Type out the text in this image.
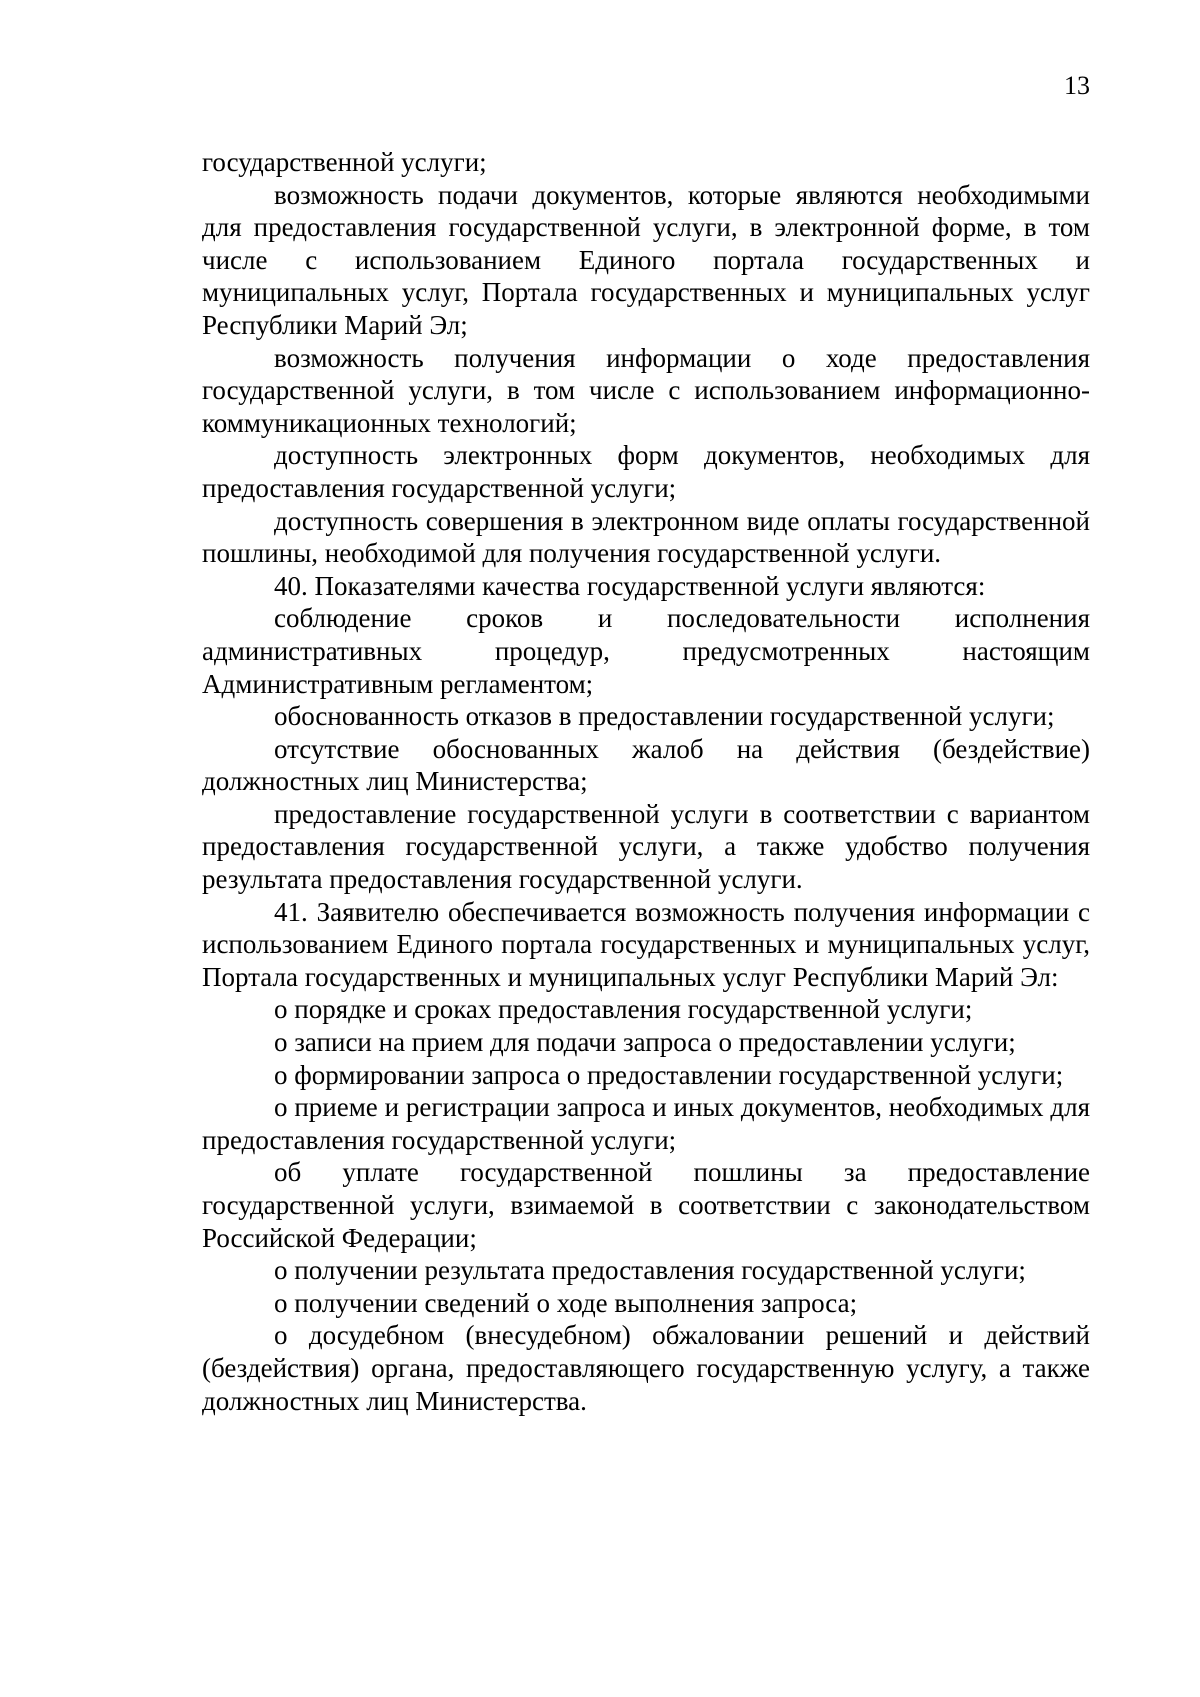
13

государственной услуги;

возможность подачи документов, которые являются необходимыми для предоставления государственной услуги, в электронной форме, в том числе с использованием Единого портала государственных и муниципальных услуг, Портала государственных и муниципальных услуг Республики Марий Эл;

возможность получения информации о ходе предоставления государственной услуги, в том числе с использованием информационно-коммуникационных технологий;

доступность электронных форм документов, необходимых для предоставления государственной услуги;

доступность совершения в электронном виде оплаты государственной пошлины, необходимой для получения государственной услуги.

40. Показателями качества государственной услуги являются:

соблюдение сроков и последовательности исполнения административных процедур, предусмотренных настоящим Административным регламентом;

обоснованность отказов в предоставлении государственной услуги;

отсутствие обоснованных жалоб на действия (бездействие) должностных лиц Министерства;

предоставление государственной услуги в соответствии с вариантом предоставления государственной услуги, а также удобство получения результата предоставления государственной услуги.

41. Заявителю обеспечивается возможность получения информации с использованием Единого портала государственных и муниципальных услуг, Портала государственных и муниципальных услуг Республики Марий Эл:

о порядке и сроках предоставления государственной услуги;

о записи на прием для подачи запроса о предоставлении услуги;

о формировании запроса о предоставлении государственной услуги;

о приеме и регистрации запроса и иных документов, необходимых для предоставления государственной услуги;

об уплате государственной пошлины за предоставление государственной услуги, взимаемой в соответствии с законодательством Российской Федерации;

о получении результата предоставления государственной услуги;

о получении сведений о ходе выполнения запроса;

о досудебном (внесудебном) обжаловании решений и действий (бездействия) органа, предоставляющего государственную услугу, а также должностных лиц Министерства.
